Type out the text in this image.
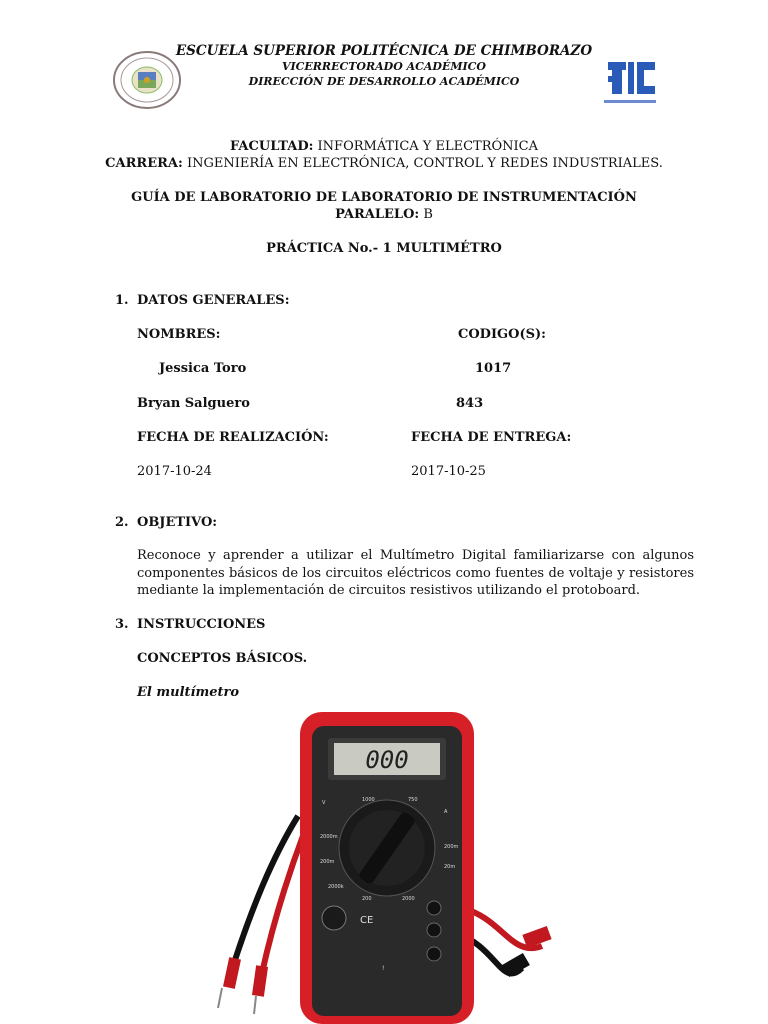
ESCUELA SUPERIOR POLITÉCNICA DE CHIMBORAZO
VICERRECTORADO ACADÉMICO
DIRECCIÓN DE DESARROLLO ACADÉMICO
FACULTAD: INFORMÁTICA Y ELECTRÓNICA
CARRERA: INGENIERÍA EN ELECTRÓNICA, CONTROL Y REDES INDUSTRIALES.
GUÍA DE LABORATORIO DE LABORATORIO DE INSTRUMENTACIÓN
PARALELO: B
PRÁCTICA No.- 1 MULTIMÉTRO
1. DATOS GENERALES:
NOMBRES:	CODIGO(S):
Jessica Toro	1017
Bryan Salguero	843
FECHA DE REALIZACIÓN:	FECHA DE ENTREGA:
2017-10-24	2017-10-25
2. OBJETIVO:
Reconoce y aprender a utilizar el Multímetro Digital familiarizarse con algunos
componentes básicos de los circuitos eléctricos como fuentes de voltaje y resistores
mediante la implementación de circuitos resistivos utilizando el protoboard.
3. INSTRUCCIONES
CONCEPTOS BÁSICOS.
El multímetro
000
V	1000	750
A
2000m
200m
200m
20m
2000k
200	2000
CE
!
